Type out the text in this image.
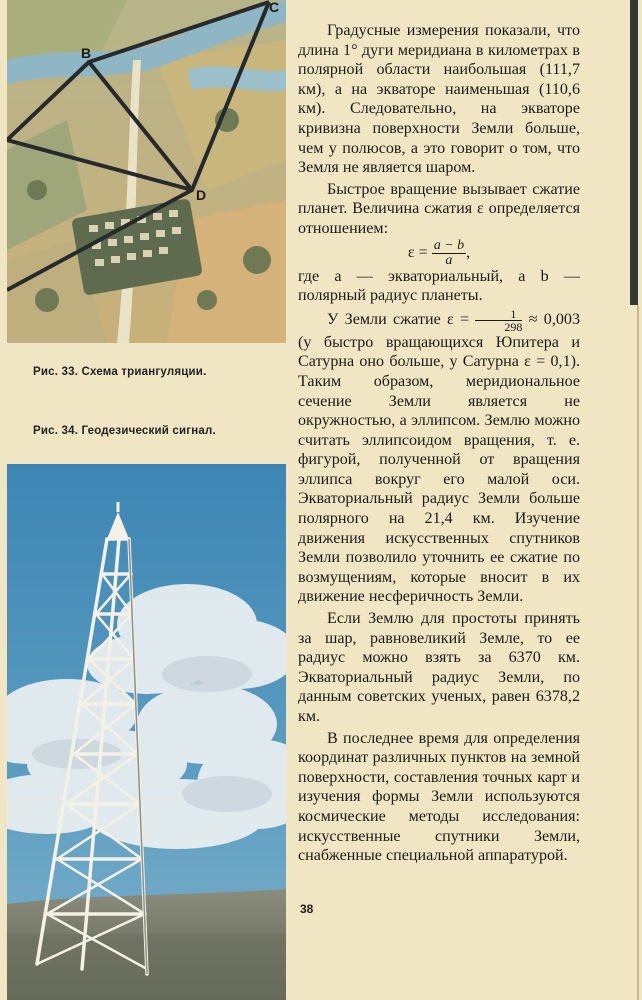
В
С
D
Рис. 33. Схема триангуляции.
Рис. 34. Геодезический сигнал.

Градусные измерения показали, что длина 1° дуги меридиана в километрах в полярной области наибольшая (111,7 км), а на экваторе наименьшая (110,6 км). Следовательно, на экваторе кривизна поверхности Земли больше, чем у полюсов, а это говорит о том, что Земля не является шаром.

Быстрое вращение вызывает сжатие планет. Величина сжатия ε определяется отношением:

$\varepsilon = \frac{a - b}{a}$ ,

где a — экваториальный, а b — полярный радиус планеты.

У Земли сжатие $\varepsilon = \frac{1}{298} \approx 0,003$ (у быстро вращающихся Юпитера и Сатурна оно больше, у Сатурна ε = 0,1). Таким образом, меридиональное сечение Земли является не окружностью, а эллипсом. Землю можно считать эллипсоидом вращения, т. е. фигурой, полученной от вращения эллипса вокруг его малой оси. Экваториальный радиус Земли больше полярного на 21,4 км. Изучение движения искусственных спутников Земли позволило уточнить ее сжатие по возмущениям, которые вносит в их движение несферичность Земли.

Если Землю для простоты принять за шар, равновеликий Земле, то ее радиус можно взять за 6370 км. Экваториальный радиус Земли, по данным советских ученых, равен 6378,2 км.

В последнее время для определения координат различных пунктов на земной поверхности, составления точных карт и изучения формы Земли используются космические методы исследования: искусственные спутники Земли, снабженные специальной аппаратурой.

38
